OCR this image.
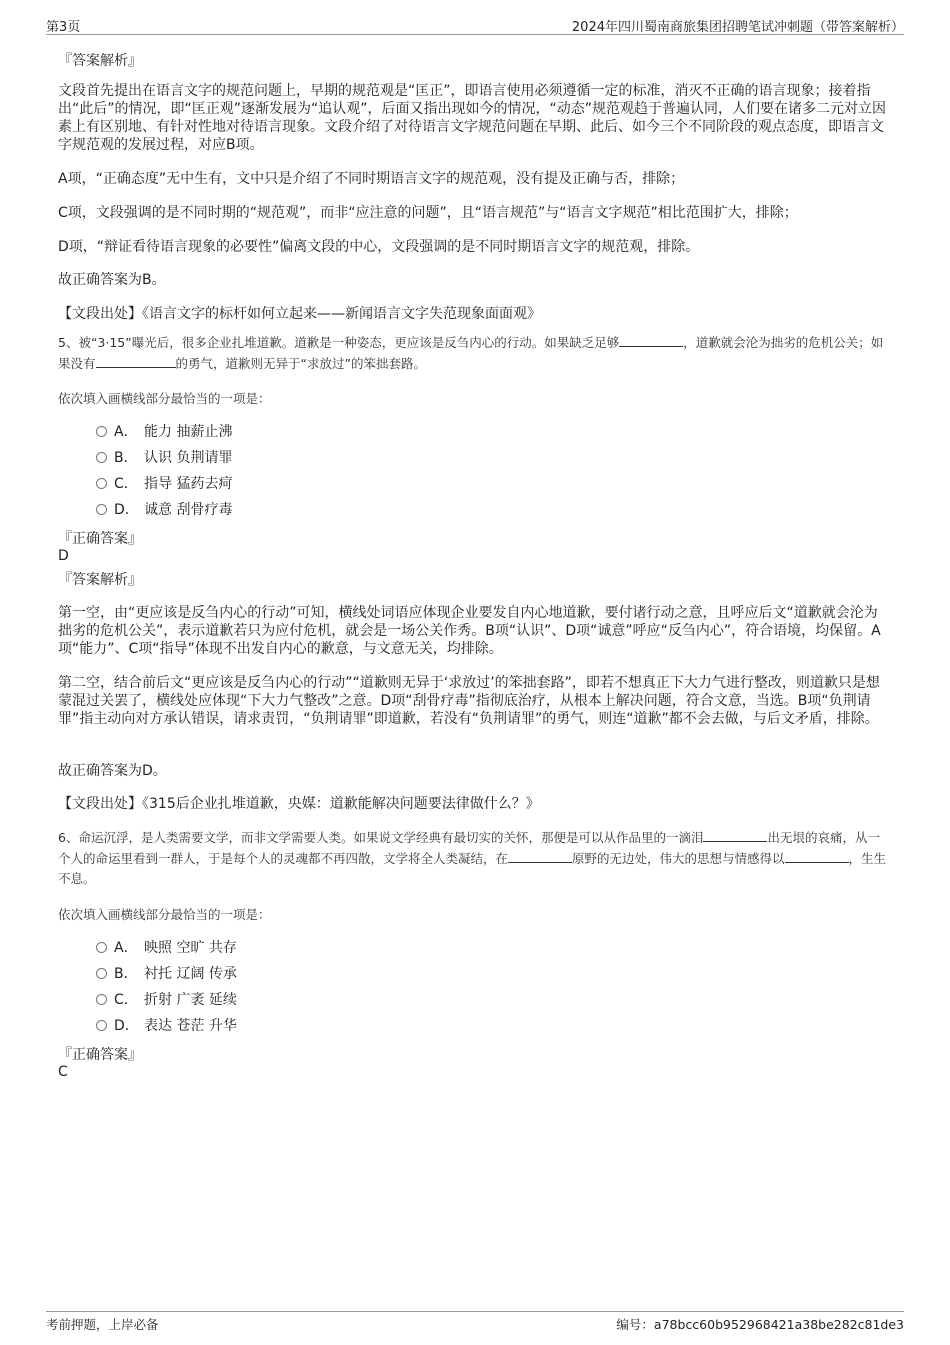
第3页	2024年四川蜀南商旅集团招聘笔试冲刺题（带答案解析）
『答案解析』

文段首先提出在语言文字的规范问题上，早期的规范观是“匡正”，即语言使用必须遵循一定的标准，消灭不正确的语言现象；接着指出“此后”的情况，即“匡正观”逐渐发展为“追认观”，后面又指出现如今的情况，“动态”规范观趋于普遍认同，人们要在诸多二元对立因素上有区别地、有针对性地对待语言现象。文段介绍了对待语言文字规范问题在早期、此后、如今三个不同阶段的观点态度，即语言文字规范观的发展过程，对应B项。

A项，“正确态度”无中生有，文中只是介绍了不同时期语言文字的规范观，没有提及正确与否，排除；

C项，文段强调的是不同时期的“规范观”，而非“应注意的问题”，且“语言规范”与“语言文字规范”相比范围扩大，排除；

D项，“辩证看待语言现象的必要性”偏离文段的中心，文段强调的是不同时期语言文字的规范观，排除。

故正确答案为B。

【文段出处】《语言文字的标杆如何立起来——新闻语言文字失范现象面面观》

5、被“3·15”曝光后，很多企业扎堆道歉。道歉是一种姿态，更应该是反刍内心的行动。如果缺乏足够	，道歉就会沦为拙劣的危机公关；如果没有	的勇气，道歉则无异于“求放过”的笨拙套路。

依次填入画横线部分最恰当的一项是：
A． 能力 抽薪止沸
B． 认识 负荆请罪
C． 指导 猛药去疴
D． 诚意 刮骨疗毒
『正确答案』
D
『答案解析』

第一空，由“更应该是反刍内心的行动”可知，横线处词语应体现企业要发自内心地道歉，要付诸行动之意，且呼应后文“道歉就会沦为拙劣的危机公关”，表示道歉若只为应付危机，就会是一场公关作秀。B项“认识”、D项“诚意”呼应“反刍内心”，符合语境，均保留。A项“能力”、C项“指导”体现不出发自内心的歉意，与文意无关，均排除。

第二空，结合前后文“更应该是反刍内心的行动”“道歉则无异于‘求放过’的笨拙套路”，即若不想真正下大力气进行整改，则道歉只是想蒙混过关罢了，横线处应体现“下大力气整改”之意。D项“刮骨疗毒”指彻底治疗，从根本上解决问题，符合文意，当选。B项“负荆请罪”指主动向对方承认错误，请求责罚，“负荆请罪”即道歉，若没有“负荆请罪”的勇气，则连“道歉”都不会去做，与后文矛盾，排除。

故正确答案为D。

【文段出处】《315后企业扎堆道歉，央媒：道歉能解决问题要法律做什么？》

6、命运沉浮，是人类需要文学，而非文学需要人类。如果说文学经典有最切实的关怀，那便是可以从作品里的一滴泪	出无垠的哀痛，从一个人的命运里看到一群人，于是每个人的灵魂都不再四散，文学将全人类凝结，在	原野的无边处，伟大的思想与情感得以	，生生不息。

依次填入画横线部分最恰当的一项是：
A． 映照 空旷 共存
B． 衬托 辽阔 传承
C． 折射 广袤 延续
D． 表达 苍茫 升华
『正确答案』
C
考前押题，上岸必备	编号：a78bcc60b952968421a38be282c81de3
